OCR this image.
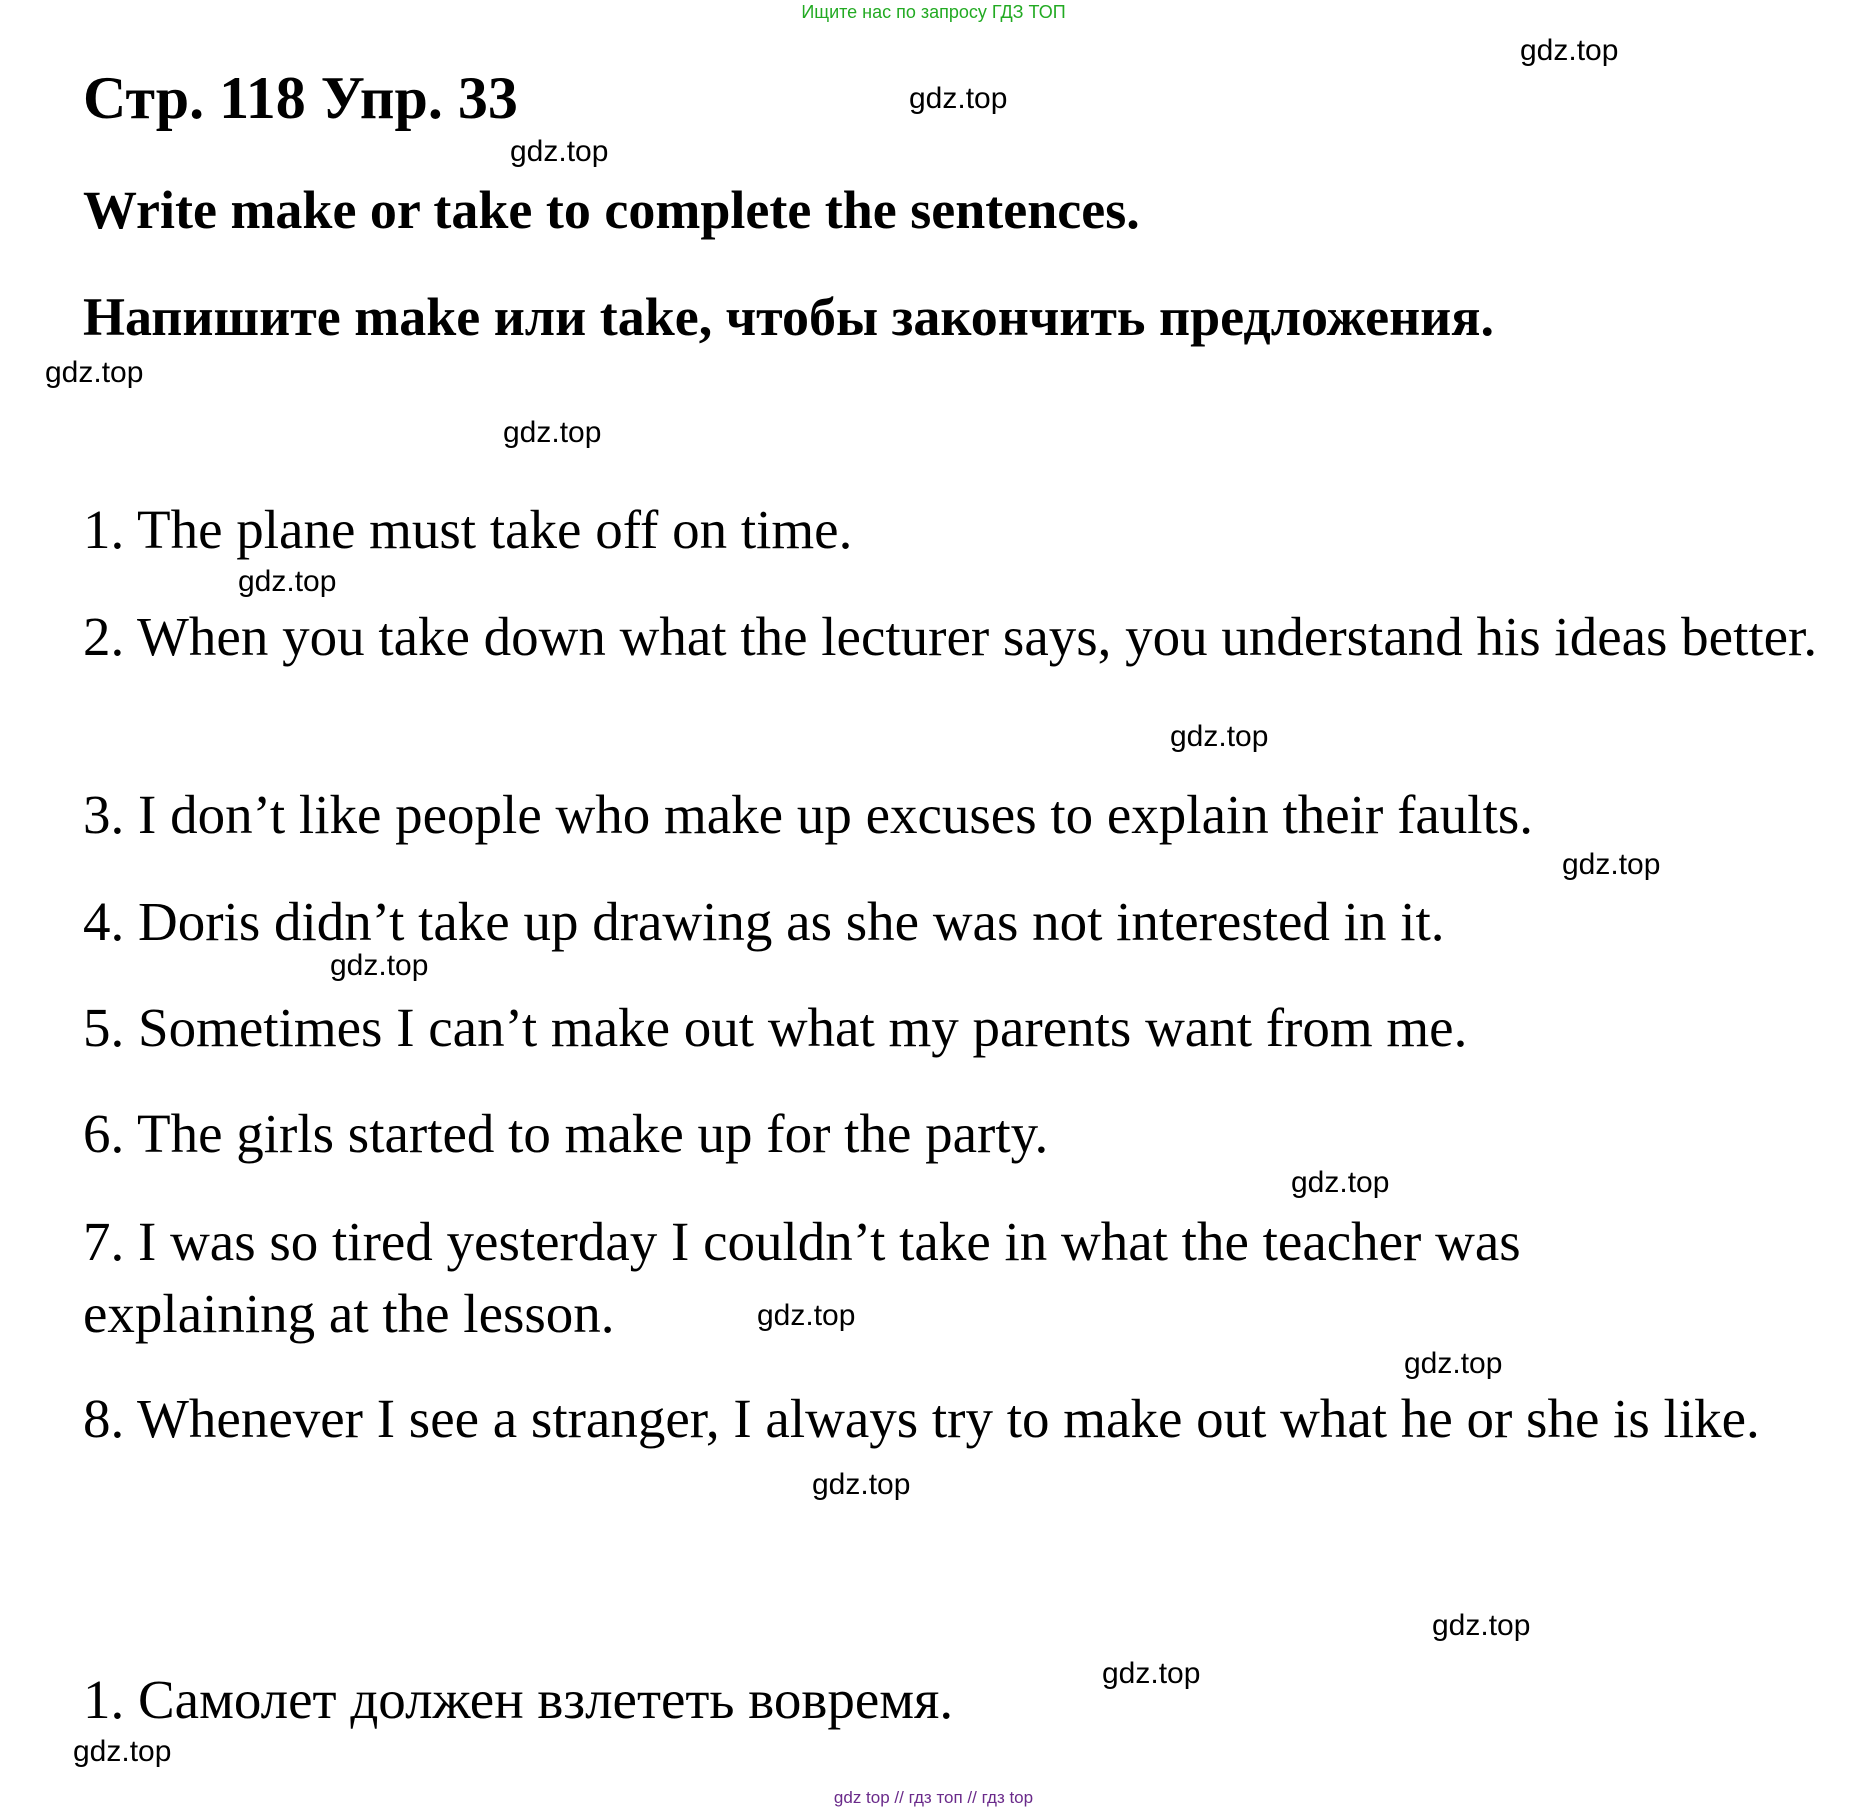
Ищите нас по запросу ГДЗ ТОП
Стр. 118 Упр. 33

Write make or take to complete the sentences.

Напишите make или take, чтобы закончить предложения.

1. The plane must take off on time.

2. When you take down what the lecturer says, you understand his ideas better.

3. I don’t like people who make up excuses to explain their faults.

4. Doris didn’t take up drawing as she was not interested in it.

5. Sometimes I can’t make out what my parents want from me.

6. The girls started to make up for the party.

7. I was so tired yesterday I couldn’t take in what the teacher was explaining at the lesson.

8. Whenever I see a stranger, I always try to make out what he or she is like.

1. Самолет должен взлететь вовремя.

gdz.top
gdz.top
gdz.top
gdz.top
gdz.top
gdz.top
gdz.top
gdz.top
gdz.top
gdz.top
gdz.top
gdz.top
gdz.top
gdz.top
gdz.top
gdz.top
gdz top // гдз топ // гдз top
